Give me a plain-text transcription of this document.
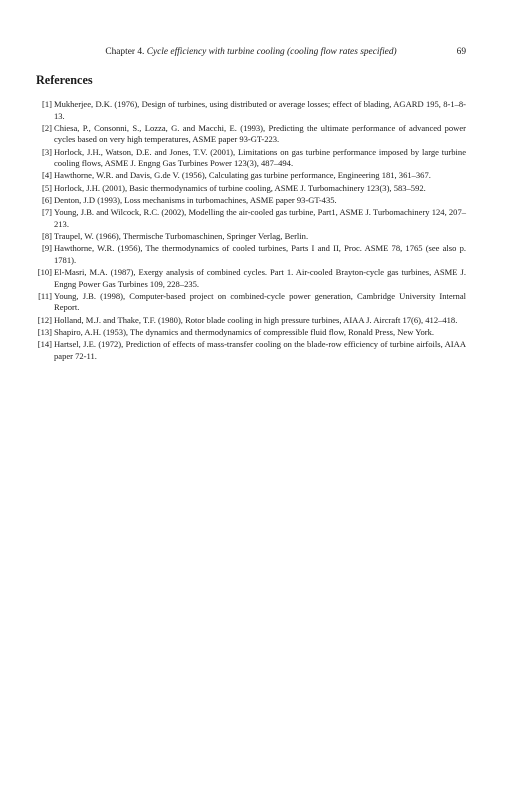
Chapter 4. Cycle efficiency with turbine cooling (cooling flow rates specified)	69
References
[1] Mukherjee, D.K. (1976), Design of turbines, using distributed or average losses; effect of blading, AGARD 195, 8-1–8-13.
[2] Chiesa, P., Consonni, S., Lozza, G. and Macchi, E. (1993), Predicting the ultimate performance of advanced power cycles based on very high temperatures, ASME paper 93-GT-223.
[3] Horlock, J.H., Watson, D.E. and Jones, T.V. (2001), Limitations on gas turbine performance imposed by large turbine cooling flows, ASME J. Engng Gas Turbines Power 123(3), 487–494.
[4] Hawthorne, W.R. and Davis, G.de V. (1956), Calculating gas turbine performance, Engineering 181, 361–367.
[5] Horlock, J.H. (2001), Basic thermodynamics of turbine cooling, ASME J. Turbomachinery 123(3), 583–592.
[6] Denton, J.D (1993), Loss mechanisms in turbomachines, ASME paper 93-GT-435.
[7] Young, J.B. and Wilcock, R.C. (2002), Modelling the air-cooled gas turbine, Part1, ASME J. Turbomachinery 124, 207–213.
[8] Traupel, W. (1966), Thermische Turbomaschinen, Springer Verlag, Berlin.
[9] Hawthorne, W.R. (1956), The thermodynamics of cooled turbines, Parts I and II, Proc. ASME 78, 1765 (see also p. 1781).
[10] El-Masri, M.A. (1987), Exergy analysis of combined cycles. Part 1. Air-cooled Brayton-cycle gas turbines, ASME J. Engng Power Gas Turbines 109, 228–235.
[11] Young, J.B. (1998), Computer-based project on combined-cycle power generation, Cambridge University Internal Report.
[12] Holland, M.J. and Thake, T.F. (1980), Rotor blade cooling in high pressure turbines, AIAA J. Aircraft 17(6), 412–418.
[13] Shapiro, A.H. (1953), The dynamics and thermodynamics of compressible fluid flow, Ronald Press, New York.
[14] Hartsel, J.E. (1972), Prediction of effects of mass-transfer cooling on the blade-row efficiency of turbine airfoils, AIAA paper 72-11.
